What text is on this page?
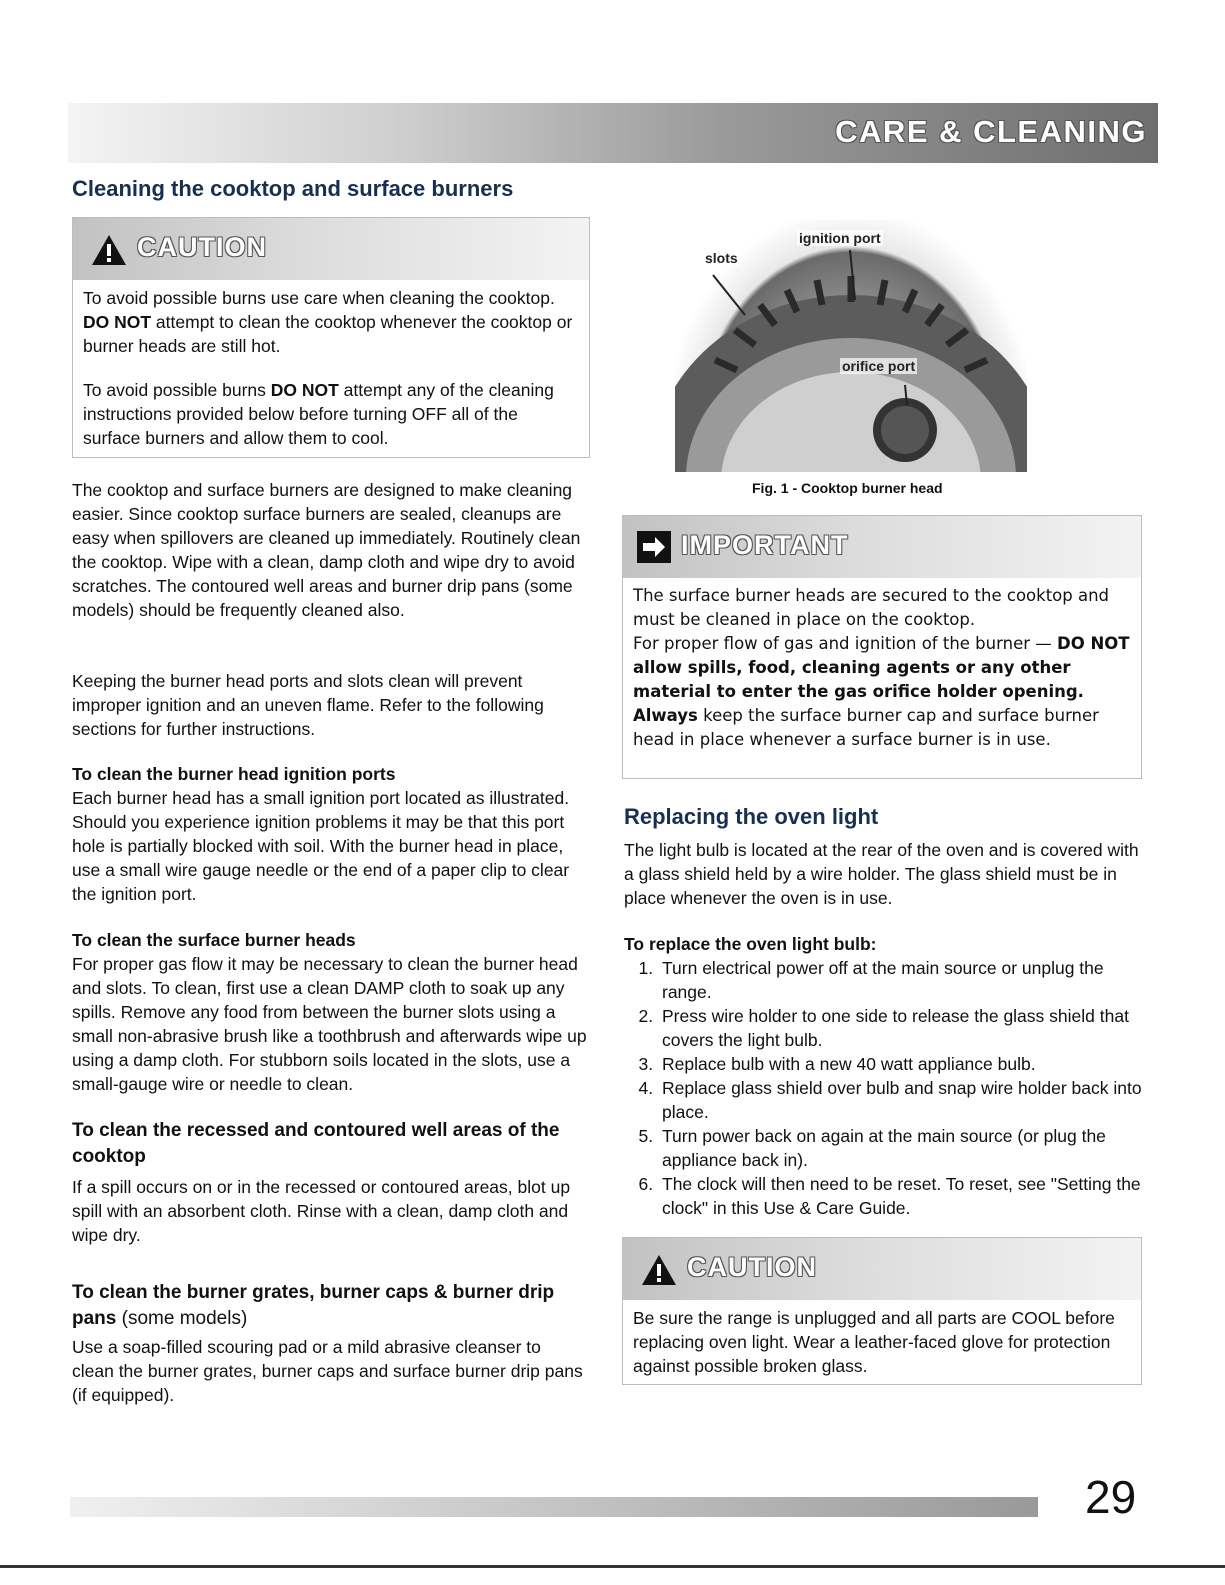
CARE & CLEANING
Cleaning the cooktop and surface burners
CAUTION

To avoid possible burns use care when cleaning the cooktop. DO NOT attempt to clean the cooktop whenever the cooktop or burner heads are still hot.

To avoid possible burns DO NOT attempt any of the cleaning instructions provided below before turning OFF all of the surface burners and allow them to cool.

The cooktop and surface burners are designed to make cleaning easier. Since cooktop surface burners are sealed, cleanups are easy when spillovers are cleaned up immediately. Routinely clean the cooktop. Wipe with a clean, damp cloth and wipe dry to avoid scratches. The contoured well areas and burner drip pans (some models) should be frequently cleaned also.

Keeping the burner head ports and slots clean will prevent improper ignition and an uneven flame. Refer to the following sections for further instructions.

To clean the burner head ignition ports

Each burner head has a small ignition port located as illustrated. Should you experience ignition problems it may be that this port hole is partially blocked with soil. With the burner head in place, use a small wire gauge needle or the end of a paper clip to clear the ignition port.

To clean the surface burner heads

For proper gas flow it may be necessary to clean the burner head and slots. To clean, first use a clean DAMP cloth to soak up any spills. Remove any food from between the burner slots using a small non-abrasive brush like a toothbrush and afterwards wipe up using a damp cloth. For stubborn soils located in the slots, use a small-gauge wire or needle to clean.

To clean the recessed and contoured well areas of the cooktop

If a spill occurs on or in the recessed or contoured areas, blot up spill with an absorbent cloth. Rinse with a clean, damp cloth and wipe dry.

To clean the burner grates, burner caps & burner drip pans (some models)

Use a soap-filled scouring pad or a mild abrasive cleanser to clean the burner grates, burner caps and surface burner drip pans (if equipped).

ignition port
slots
orifice port
Fig. 1 - Cooktop burner head
IMPORTANT
The surface burner heads are secured to the cooktop and must be cleaned in place on the cooktop.
For proper flow of gas and ignition of the burner — DO NOT allow spills, food, cleaning agents or any other material to enter the gas orifice holder opening. Always keep the surface burner cap and surface burner head in place whenever a surface burner is in use.
Replacing the oven light

The light bulb is located at the rear of the oven and is covered with a glass shield held by a wire holder. The glass shield must be in place whenever the oven is in use.

To replace the oven light bulb:

1. Turn electrical power off at the main source or unplug the range.
2. Press wire holder to one side to release the glass shield that covers the light bulb.
3. Replace bulb with a new 40 watt appliance bulb.
4. Replace glass shield over bulb and snap wire holder back into place.
5. Turn power back on again at the main source (or plug the appliance back in).
6. The clock will then need to be reset. To reset, see "Setting the clock" in this Use & Care Guide.
CAUTION
Be sure the range is unplugged and all parts are COOL before replacing oven light. Wear a leather-faced glove for protection against possible broken glass.
29
